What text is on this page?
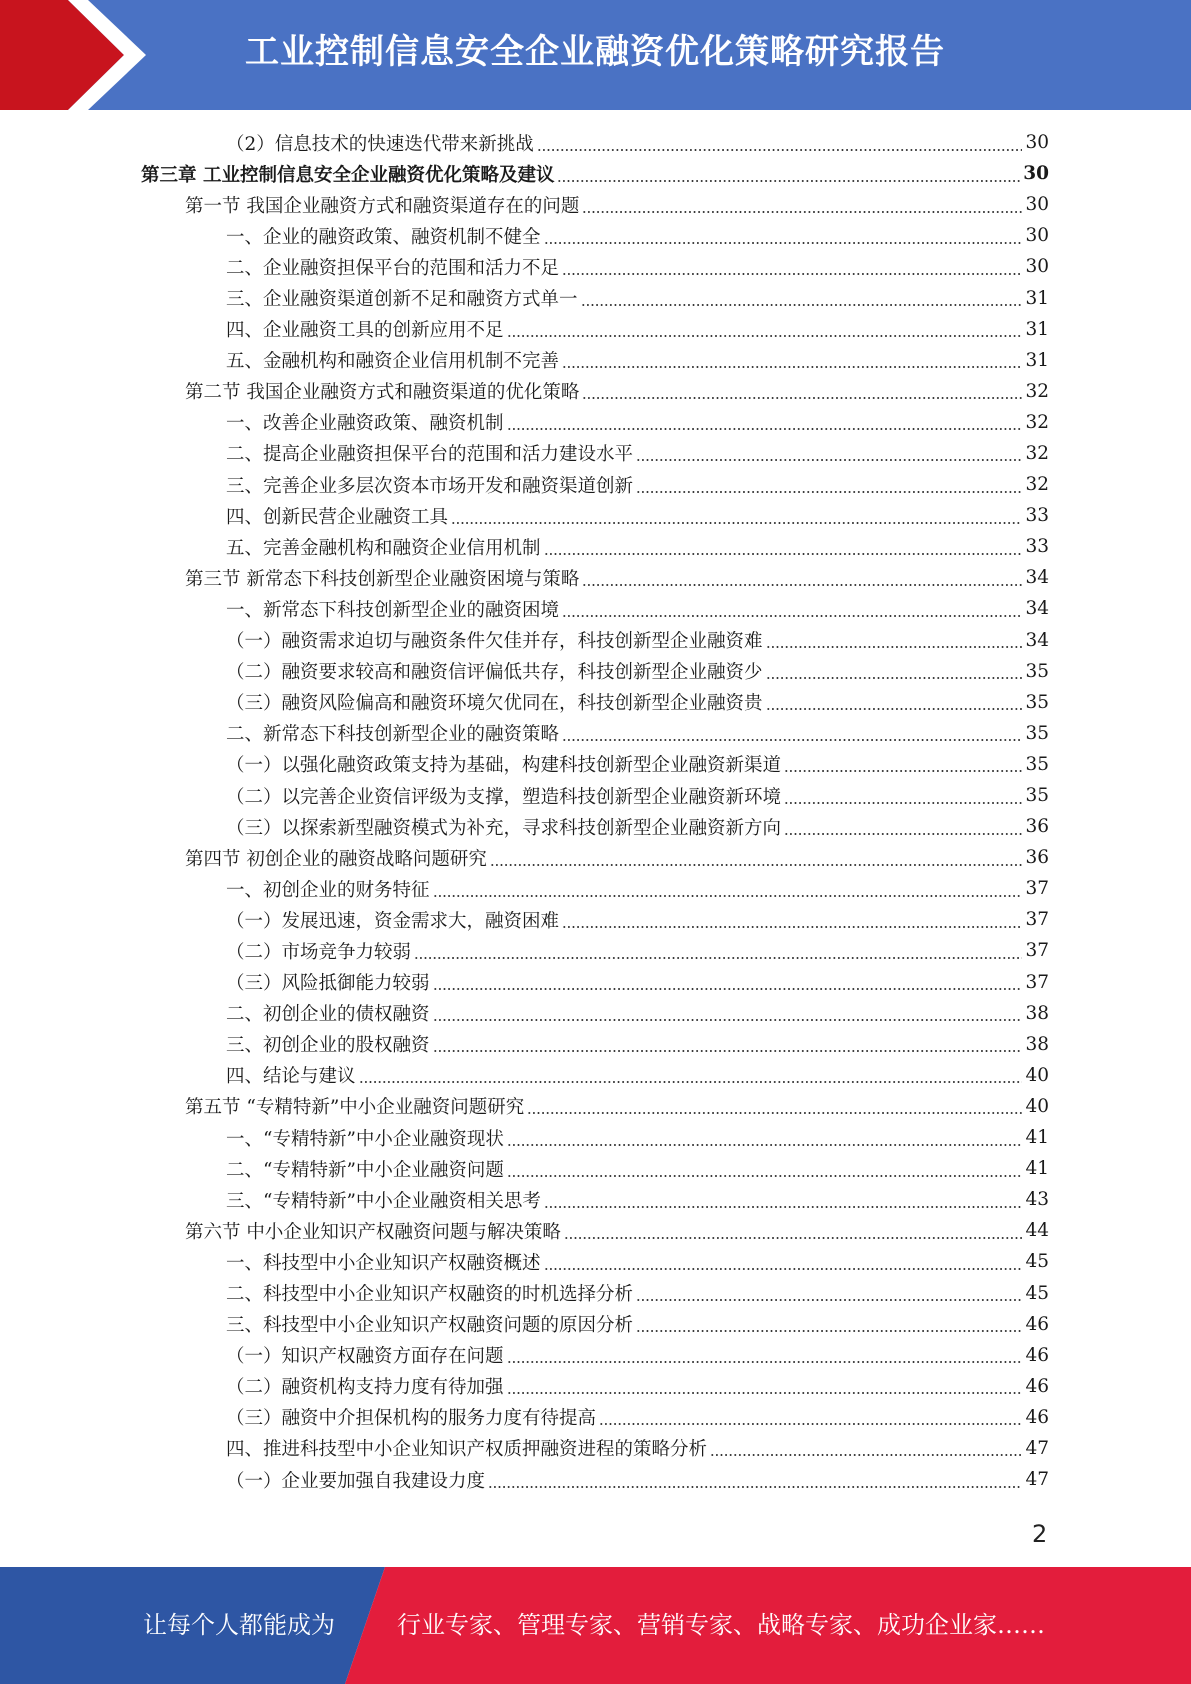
工业控制信息安全企业融资优化策略研究报告
（2）信息技术的快速迭代带来新挑战	30
第三章 工业控制信息安全企业融资优化策略及建议	30
第一节 我国企业融资方式和融资渠道存在的问题	30
一、企业的融资政策、融资机制不健全	30
二、企业融资担保平台的范围和活力不足	30
三、企业融资渠道创新不足和融资方式单一	31
四、企业融资工具的创新应用不足	31
五、金融机构和融资企业信用机制不完善	31
第二节 我国企业融资方式和融资渠道的优化策略	32
一、改善企业融资政策、融资机制	32
二、提高企业融资担保平台的范围和活力建设水平	32
三、完善企业多层次资本市场开发和融资渠道创新	32
四、创新民营企业融资工具	33
五、完善金融机构和融资企业信用机制	33
第三节 新常态下科技创新型企业融资困境与策略	34
一、新常态下科技创新型企业的融资困境	34
（一）融资需求迫切与融资条件欠佳并存，科技创新型企业融资难	34
（二）融资要求较高和融资信评偏低共存，科技创新型企业融资少	35
（三）融资风险偏高和融资环境欠优同在，科技创新型企业融资贵	35
二、新常态下科技创新型企业的融资策略	35
（一）以强化融资政策支持为基础，构建科技创新型企业融资新渠道	35
（二）以完善企业资信评级为支撑，塑造科技创新型企业融资新环境	35
（三）以探索新型融资模式为补充，寻求科技创新型企业融资新方向	36
第四节 初创企业的融资战略问题研究	36
一、初创企业的财务特征	37
（一）发展迅速，资金需求大，融资困难	37
（二）市场竞争力较弱	37
（三）风险抵御能力较弱	37
二、初创企业的债权融资	38
三、初创企业的股权融资	38
四、结论与建议	40
第五节 “专精特新”中小企业融资问题研究	40
一、“专精特新”中小企业融资现状	41
二、“专精特新”中小企业融资问题	41
三、“专精特新”中小企业融资相关思考	43
第六节 中小企业知识产权融资问题与解决策略	44
一、科技型中小企业知识产权融资概述	45
二、科技型中小企业知识产权融资的时机选择分析	45
三、科技型中小企业知识产权融资问题的原因分析	46
（一）知识产权融资方面存在问题	46
（二）融资机构支持力度有待加强	46
（三）融资中介担保机构的服务力度有待提高	46
四、推进科技型中小企业知识产权质押融资进程的策略分析	47
（一）企业要加强自我建设力度	47
2
让每个人都能成为	行业专家、管理专家、营销专家、战略专家、成功企业家……
